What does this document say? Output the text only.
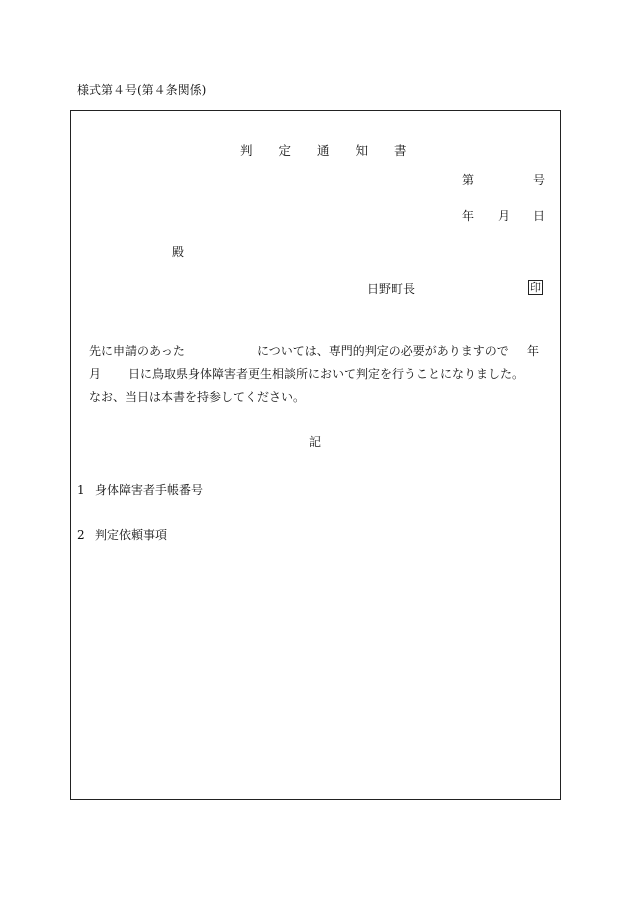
様式第４号(第４条関係)
判定通知書
第	号
年 月 日
殿
日野町長	印
先に申請のあった	については、専門的判定の必要がありますので 年
月 日に鳥取県身体障害者更生相談所において判定を行うことになりました。
なお、当日は本書を持参してください。
記
1 身体障害者手帳番号
2 判定依頼事項
